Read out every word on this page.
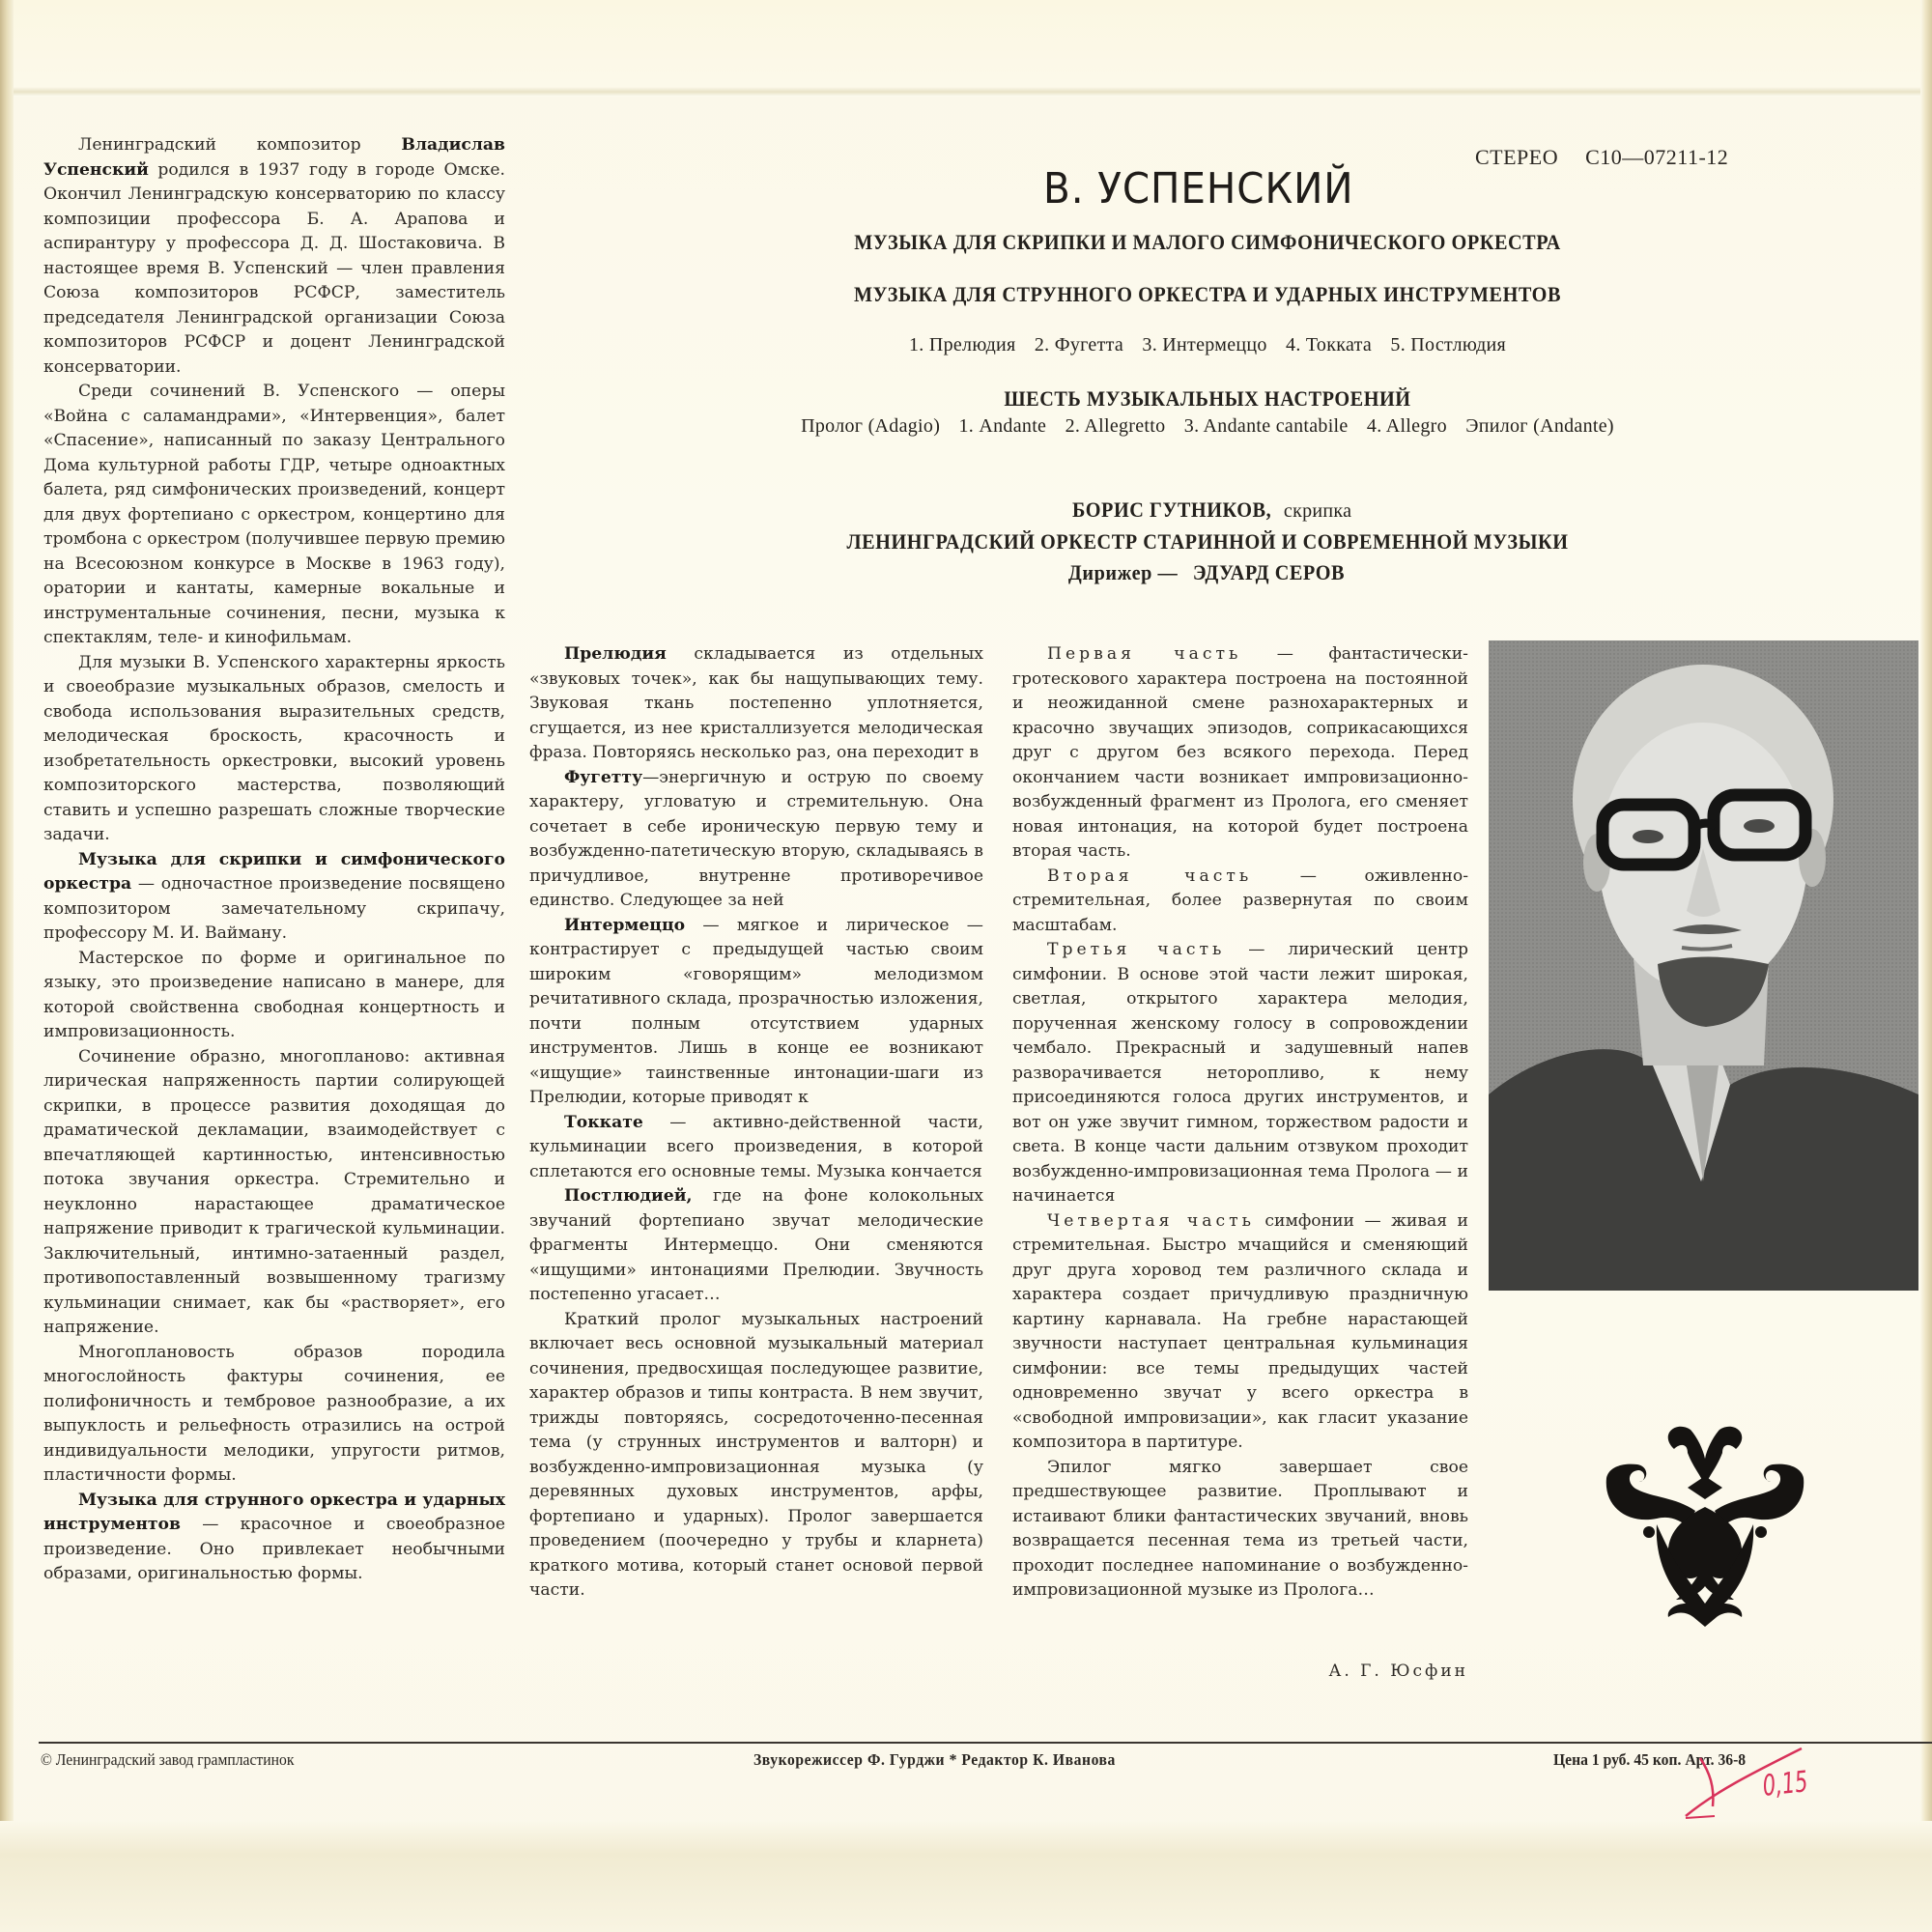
СТЕРЕО С10—07211-12
В. УСПЕНСКИЙ
МУЗЫКА ДЛЯ СКРИПКИ И МАЛОГО СИМФОНИЧЕСКОГО ОРКЕСТРА
МУЗЫКА ДЛЯ СТРУННОГО ОРКЕСТРА И УДАРНЫХ ИНСТРУМЕНТОВ
1. Прелюдия 2. Фугетта 3. Интермеццо 4. Токката 5. Постлюдия
ШЕСТЬ МУЗЫКАЛЬНЫХ НАСТРОЕНИЙ
Пролог (Adagio) 1. Andante 2. Allegretto 3. Andante cantabile 4. Allegro Эпилог (Andante)
БОРИС ГУТНИКОВ, скрипка
ЛЕНИНГРАДСКИЙ ОРКЕСТР СТАРИННОЙ И СОВРЕМЕННОЙ МУЗЫКИ
Дирижер — ЭДУАРД СЕРОВ

Ленинградский композитор Владислав Успенский родился в 1937 году в городе Омске. Окончил Ленинградскую консерваторию по классу композиции профессора Б. А. Арапова и аспирантуру у профессора Д. Д. Шостаковича. В настоящее время В. Успенский — член правления Союза композиторов РСФСР, заместитель председателя Ленинградской организации Союза композиторов РСФСР и доцент Ленинградской консерватории.

Среди сочинений В. Успенского — оперы «Война с саламандрами», «Интервенция», балет «Спасение», написанный по заказу Центрального Дома культурной работы ГДР, четыре одноактных балета, ряд симфонических произведений, концерт для двух фортепиано с оркестром, концертино для тромбона с оркестром (получившее первую премию на Всесоюзном конкурсе в Москве в 1963 году), оратории и кантаты, камерные вокальные и инструментальные сочинения, песни, музыка к спектаклям, теле- и кинофильмам.

Для музыки В. Успенского характерны яркость и своеобразие музыкальных образов, смелость и свобода использования выразительных средств, мелодическая броскость, красочность и изобретательность оркестровки, высокий уровень композиторского мастерства, позволяющий ставить и успешно разрешать сложные творческие задачи.

Музыка для скрипки и симфонического оркестра — одночастное произведение посвящено композитором замечательному скрипачу, профессору М. И. Вайману.

Мастерское по форме и оригинальное по языку, это произведение написано в манере, для которой свойственна свободная концертность и импровизационность.

Сочинение образно, многопланово: активная лирическая напряженность партии солирующей скрипки, в процессе развития доходящая до драматической декламации, взаимодействует с впечатляющей картинностью, интенсивностью потока звучания оркестра. Стремительно и неуклонно нарастающее драматическое напряжение приводит к трагической кульминации. Заключительный, интимно-затаенный раздел, противопоставленный возвышенному трагизму кульминации снимает, как бы «растворяет», его напряжение.

Многоплановость образов породила многослойность фактуры сочинения, ее полифоничность и тембровое разнообразие, а их выпуклость и рельефность отразились на острой индивидуальности мелодики, упругости ритмов, пластичности формы.

Музыка для струнного оркестра и ударных инструментов — красочное и своеобразное произведение. Оно привлекает необычными образами, оригинальностью формы.

Прелюдия складывается из отдельных «звуковых точек», как бы нащупывающих тему. Звуковая ткань постепенно уплотняется, сгущается, из нее кристаллизуется мелодическая фраза. Повторяясь несколько раз, она переходит в

Фугетту—энергичную и острую по своему характеру, угловатую и стремительную. Она сочетает в себе ироническую первую тему и возбужденно-патетическую вторую, складываясь в причудливое, внутренне противоречивое единство. Следующее за ней

Интермеццо — мягкое и лирическое — контрастирует с предыдущей частью своим широким «говорящим» мелодизмом речитативного склада, прозрачностью изложения, почти полным отсутствием ударных инструментов. Лишь в конце ее возникают «ищущие» таинственные интонации-шаги из Прелюдии, которые приводят к

Токкате — активно-действенной части, кульминации всего произведения, в которой сплетаются его основные темы. Музыка кончается

Постлюдией, где на фоне колокольных звучаний фортепиано звучат мелодические фрагменты Интермеццо. Они сменяются «ищущими» интонациями Прелюдии. Звучность постепенно угасает…

Краткий пролог музыкальных настроений включает весь основной музыкальный материал сочинения, предвосхищая последующее развитие, характер образов и типы контраста. В нем звучит, трижды повторяясь, сосредоточенно-песенная тема (у струнных инструментов и валторн) и возбужденно-импровизационная музыка (у деревянных духовых инструментов, арфы, фортепиано и ударных). Пролог завершается проведением (поочередно у трубы и кларнета) краткого мотива, который станет основой первой части.

Первая часть — фантастически-гротескового характера построена на постоянной и неожиданной смене разнохарактерных и красочно звучащих эпизодов, соприкасающихся друг с другом без всякого перехода. Перед окончанием части возникает импровизационно-возбужденный фрагмент из Пролога, его сменяет новая интонация, на которой будет построена вторая часть.

Вторая часть — оживленно-стремительная, более развернутая по своим масштабам.

Третья часть — лирический центр симфонии. В основе этой части лежит широкая, светлая, открытого характера мелодия, порученная женскому голосу в сопровождении чембало. Прекрасный и задушевный напев разворачивается неторопливо, к нему присоединяются голоса других инструментов, и вот он уже звучит гимном, торжеством радости и света. В конце части дальним отзвуком проходит возбужденно-импровизационная тема Пролога — и начинается

Четвертая часть симфонии — живая и стремительная. Быстро мчащийся и сменяющий друг друга хоровод тем различного склада и характера создает причудливую праздничную картину карнавала. На гребне нарастающей звучности наступает центральная кульминация симфонии: все темы предыдущих частей одновременно звучат у всего оркестра в «свободной импровизации», как гласит указание композитора в партитуре.

Эпилог мягко завершает свое предшествующее развитие. Проплывают и истаивают блики фантастических звучаний, вновь возвращается песенная тема из третьей части, проходит последнее напоминание о возбужденно-импровизационной музыке из Пролога…

А. Г. Юсфин
© Ленинградский завод грампластинок	Звукорежиссер Ф. Гурджи * Редактор К. Иванова	Цена 1 руб. 45 коп. Арт. 36-8
0,15
